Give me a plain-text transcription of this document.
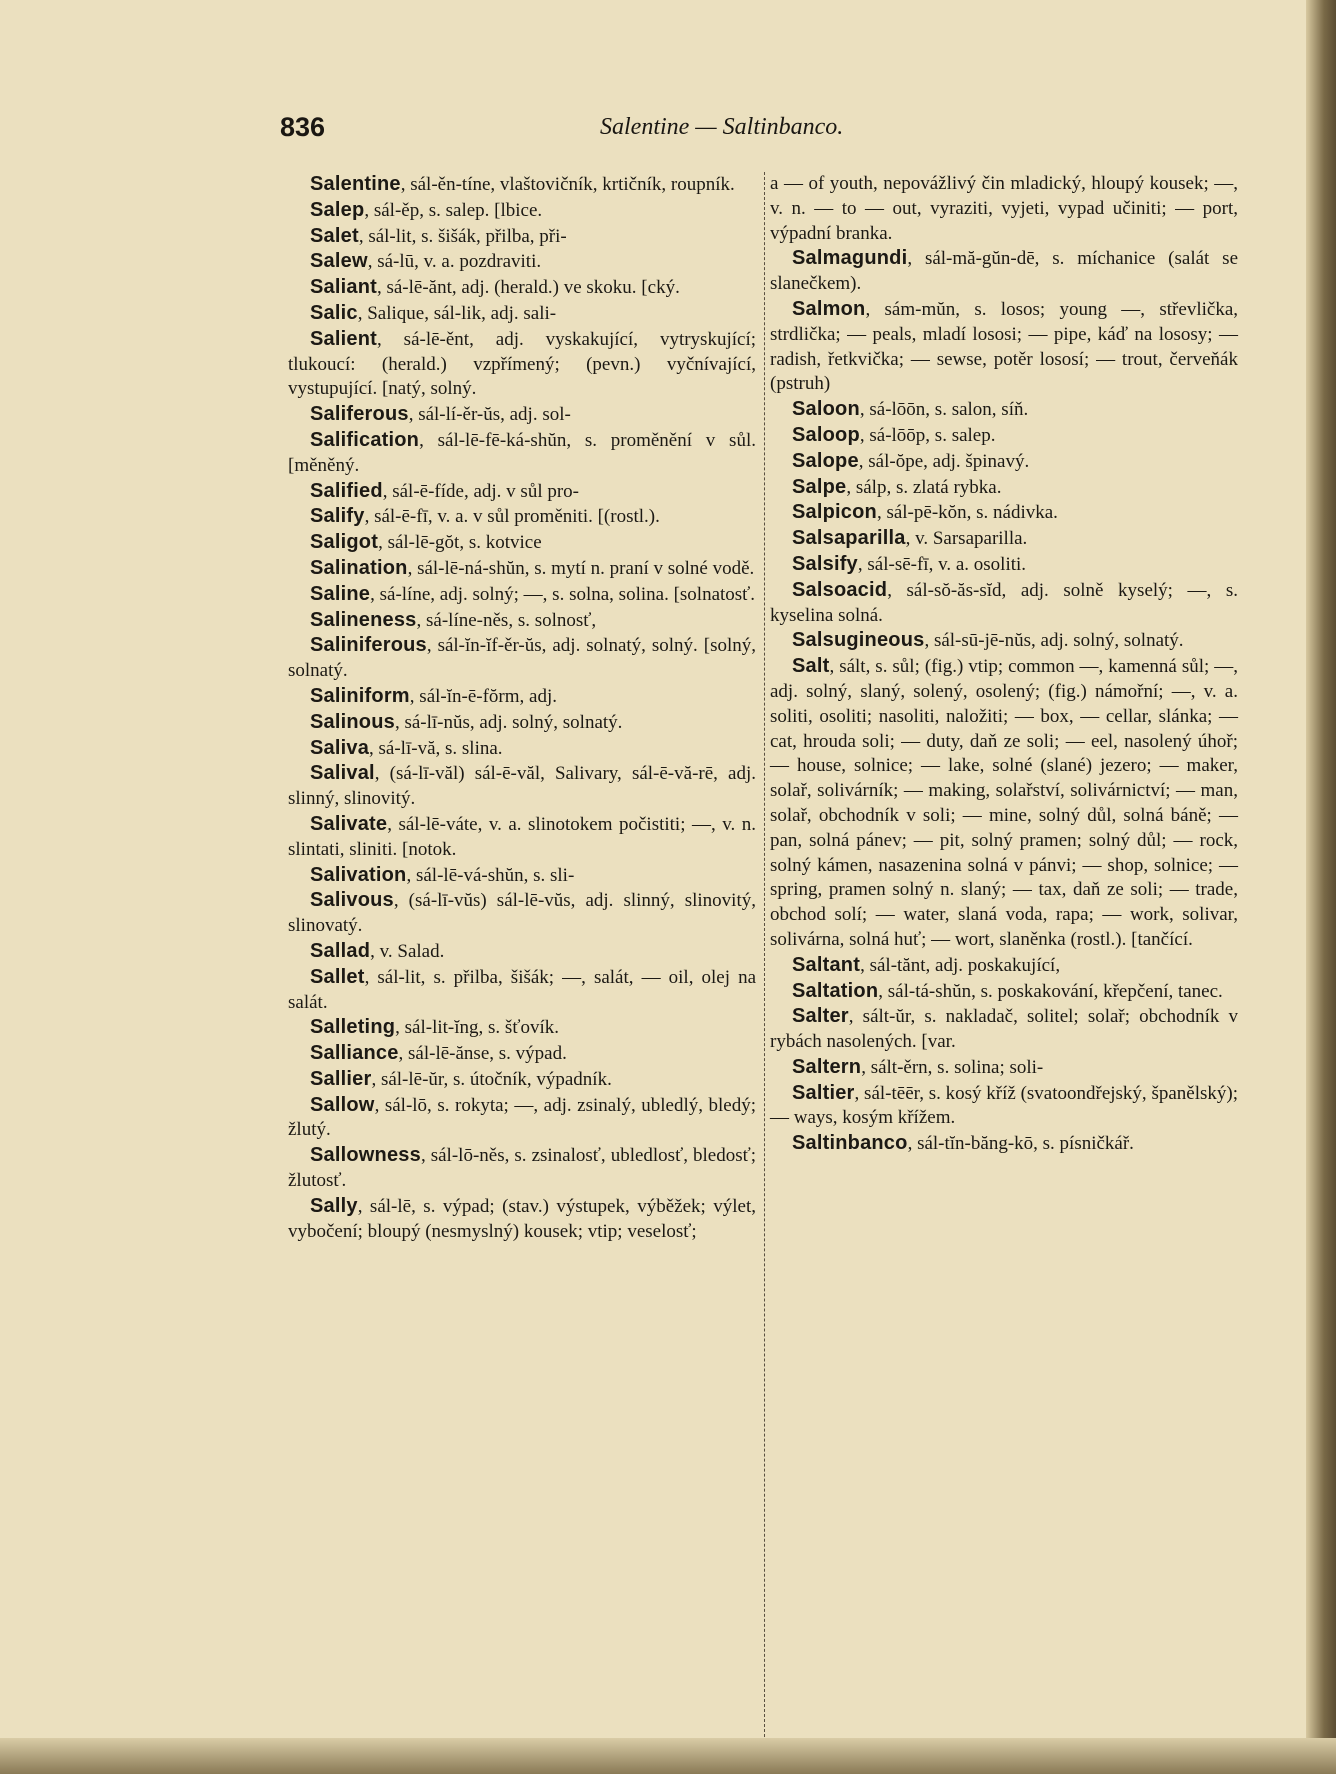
836	Salentine — Saltinbanco.
Salentine, sál-ěn-tíne, vlaštovičník, krtičník, roupník.
Salep, sál-ěp, s. salep. [lbice.
Salet, sál-lit, s. šišák, přilba, při-
Salew, sá-lū, v. a. pozdraviti.
Saliant, sá-lē-ănt, adj. (herald.) ve skoku. [cký.
Salic, Salique, sál-lik, adj. sali-
Salient, sá-lē-ěnt, adj. vyskakující, vytryskující; tlukoucí: (herald.) vzpřímený; (pevn.) vyčnívající, vystupující. [natý, solný.
Saliferous, sál-lí-ěr-ŭs, adj. sol-
Salification, sál-lē-fē-ká-shŭn, s. proměnění v sůl. [měněný.
Salified, sál-ē-fíde, adj. v sůl pro-
Salify, sál-ē-fī, v. a. v sůl proměniti. [(rostl.).
Saligot, sál-lē-gŏt, s. kotvice
Salination, sál-lē-ná-shŭn, s. mytí n. praní v solné vodě.
Saline, sá-líne, adj. solný; —, s. solna, solina. [solnatosť.
Salineness, sá-líne-něs, s. solnosť,
Saliniferous, sál-ĭn-ĭf-ěr-ŭs, adj. solnatý, solný. [solný, solnatý.
Saliniform, sál-ĭn-ē-fŏrm, adj.
Salinous, sá-lī-nŭs, adj. solný, solnatý.
Saliva, sá-lī-vă, s. slina.
Salival, (sá-lī-văl) sál-ē-văl, Salivary, sál-ē-vă-rē, adj. slinný, slinovitý.
Salivate, sál-lē-váte, v. a. slinotokem počistiti; —, v. n. slintati, sliniti. [notok.
Salivation, sál-lē-vá-shŭn, s. sli-
Salivous, (sá-lī-vŭs) sál-lē-vŭs, adj. slinný, slinovitý, slinovatý.
Sallad, v. Salad.
Sallet, sál-lit, s. přilba, šišák; —, salát, — oil, olej na salát.
Salleting, sál-lit-ĭng, s. šťovík.
Salliance, sál-lē-ănse, s. výpad.
Sallier, sál-lē-ŭr, s. útočník, výpadník.
Sallow, sál-lō, s. rokyta; —, adj. zsinalý, ubledlý, bledý; žlutý.
Sallowness, sál-lō-něs, s. zsinalosť, ubledlosť, bledosť; žlutosť.
Sally, sál-lē, s. výpad; (stav.) výstupek, výběžek; výlet, vybočení; bloupý (nesmyslný) kousek; vtip; veselosť;
a — of youth, nepovážlivý čin mladický, hloupý kousek; —, v. n. — to — out, vyraziti, vyjeti, vypad učiniti; — port, výpadní branka.
Salmagundi, sál-mă-gŭn-dē, s. míchanice (salát se slanečkem).
Salmon, sám-mŭn, s. losos; young —, střevlička, strdlička; — peals, mladí lososi; — pipe, káď na lososy; — radish, řetkvička; — sewse, potěr lososí; — trout, červeňák (pstruh)
Saloon, sá-lōōn, s. salon, síň.
Saloop, sá-lōōp, s. salep.
Salope, sál-ŏpe, adj. špinavý.
Salpe, sálp, s. zlatá rybka.
Salpicon, sál-pē-kŏn, s. nádivka.
Salsaparilla, v. Sarsaparilla.
Salsify, sál-sē-fī, v. a. osoliti.
Salsoacid, sál-sŏ-ăs-sĭd, adj. solně kyselý; —, s. kyselina solná.
Salsugineous, sál-sū-jē-nŭs, adj. solný, solnatý.
Salt, sált, s. sůl; (fig.) vtip; common —, kamenná sůl; —, adj. solný, slaný, solený, osolený; (fig.) námořní; —, v. a. soliti, osoliti; nasoliti, naložiti; — box, — cellar, slánka; — cat, hrouda soli; — duty, daň ze soli; — eel, nasolený úhoř; — house, solnice; — lake, solné (slané) jezero; — maker, solař, solivárník; — making, solařství, solivárnictví; — man, solař, obchodník v soli; — mine, solný důl, solná báně; — pan, solná pánev; — pit, solný pramen; solný důl; — rock, solný kámen, nasazenina solná v pánvi; — shop, solnice; — spring, pramen solný n. slaný; — tax, daň ze soli; — trade, obchod solí; — water, slaná voda, rapa; — work, solivar, solivárna, solná huť; — wort, slaněnka (rostl.). [tančící.
Saltant, sál-tănt, adj. poskakující,
Saltation, sál-tá-shŭn, s. poskakování, křepčení, tanec.
Salter, sált-ŭr, s. nakladač, solitel; solař; obchodník v rybách nasolených. [var.
Saltern, sált-ěrn, s. solina; soli-
Saltier, sál-tēēr, s. kosý kříž (svatoondřejský, španělský); — ways, kosým křížem.
Saltinbanco, sál-tĭn-băng-kō, s. písničkář.
